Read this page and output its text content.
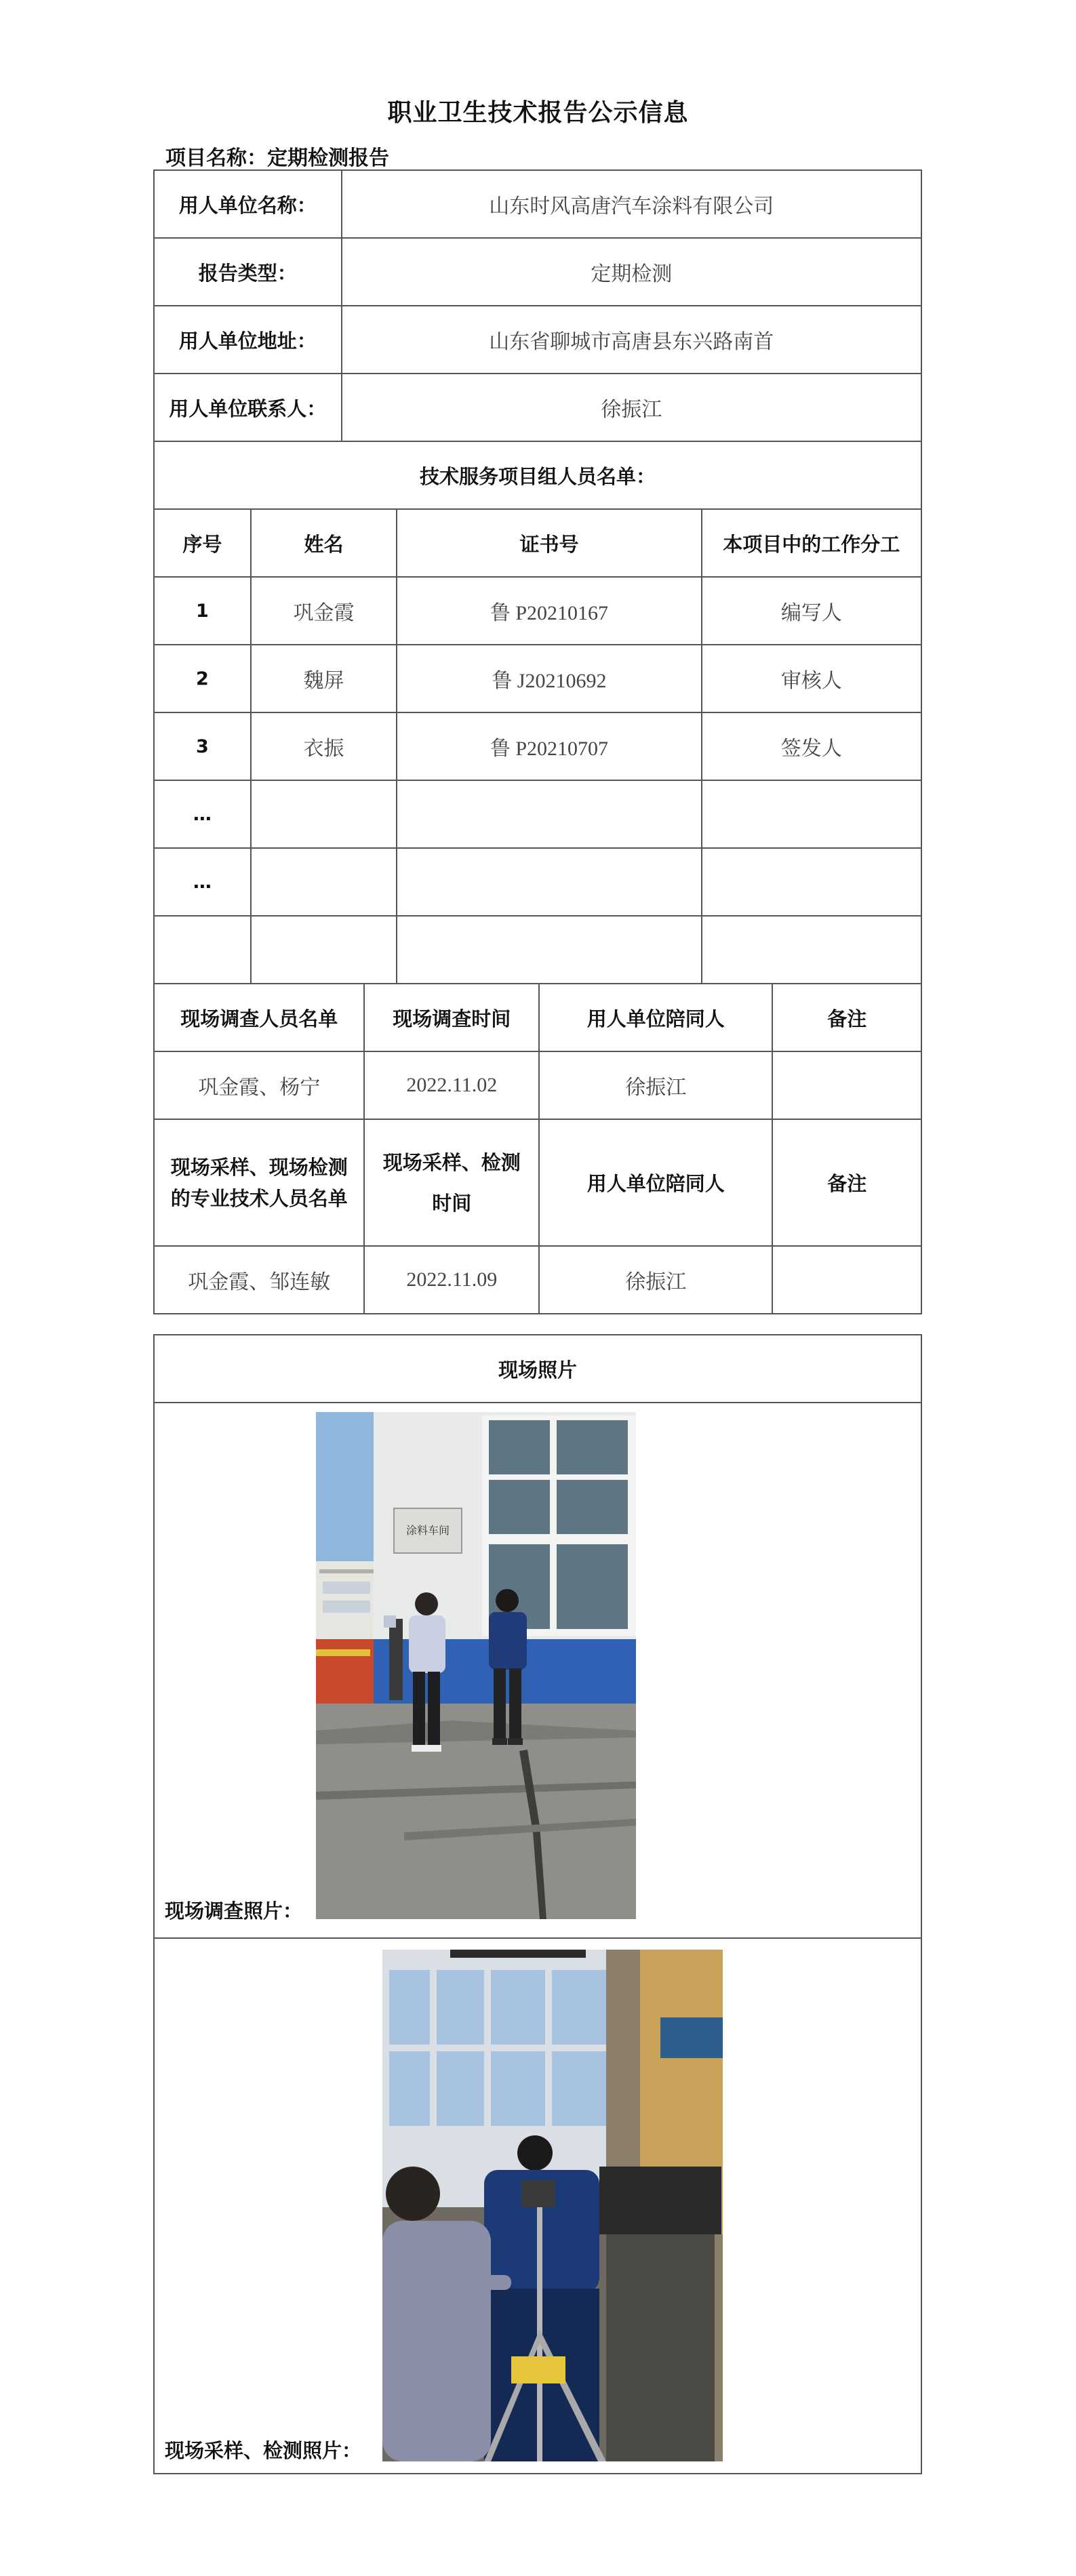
职业卫生技术报告公示信息
项目名称：定期检测报告
用人单位名称：	山东时风高唐汽车涂料有限公司
报告类型：	定期检测
用人单位地址：	山东省聊城市高唐县东兴路南首
用人单位联系人：	徐振江
技术服务项目组人员名单：			
序号	姓名	证书号	本项目中的工作分工
1	巩金霞	鲁 P20210167	编写人
2	魏屏	鲁 J20210692	审核人
3	衣振	鲁 P20210707	签发人
…			
…			

现场调查人员名单	现场调查时间	用人单位陪同人	备注
巩金霞、杨宁	2022.11.02	徐振江	
现场采样、现场检测的专业技术人员名单	现场采样、检测时间	用人单位陪同人	备注
巩金霞、邹连敏	2022.11.09	徐振江	
现场照片

涂料车间
现场调查照片：
现场采样、检测照片：
